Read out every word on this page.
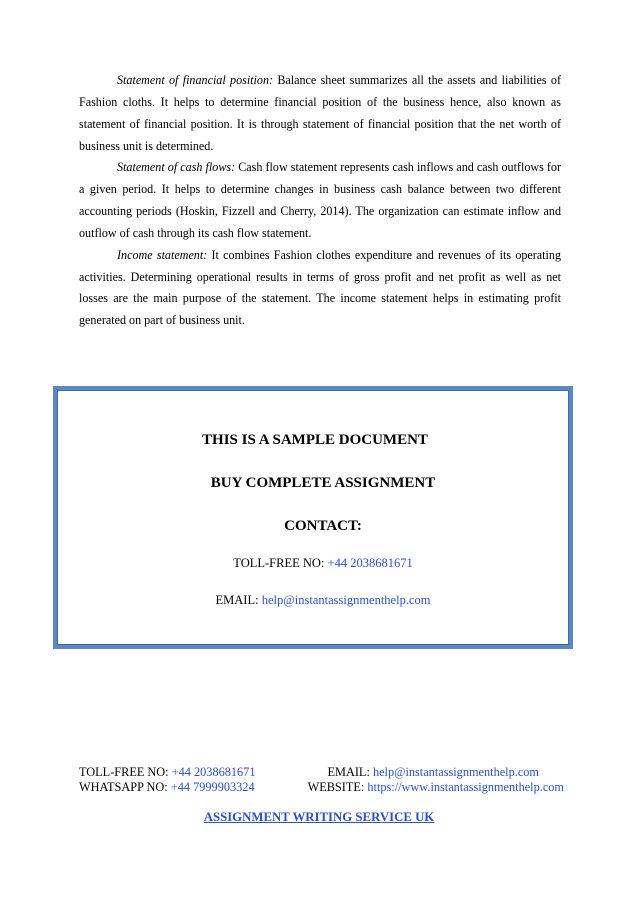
Statement of financial position: Balance sheet summarizes all the assets and liabilities of Fashion cloths. It helps to determine financial position of the business hence, also known as statement of financial position. It is through statement of financial position that the net worth of business unit is determined.

Statement of cash flows: Cash flow statement represents cash inflows and cash outflows for a given period. It helps to determine changes in business cash balance between two different accounting periods (Hoskin, Fizzell and Cherry, 2014). The organization can estimate inflow and outflow of cash through its cash flow statement.

Income statement: It combines Fashion clothes expenditure and revenues of its operating activities. Determining operational results in terms of gross profit and net profit as well as net losses are the main purpose of the statement. The income statement helps in estimating profit generated on part of business unit.

THIS IS A SAMPLE DOCUMENT

BUY COMPLETE ASSIGNMENT

CONTACT:

TOLL-FREE NO: +44 2038681671

EMAIL: help@instantassignmenthelp.com

TOLL-FREE NO: +44 2038681671	EMAIL: help@instantassignmenthelp.com

WHATSAPP NO: +44 7999903324	WEBSITE: https://www.instantassignmenthelp.com

ASSIGNMENT WRITING SERVICE UK
